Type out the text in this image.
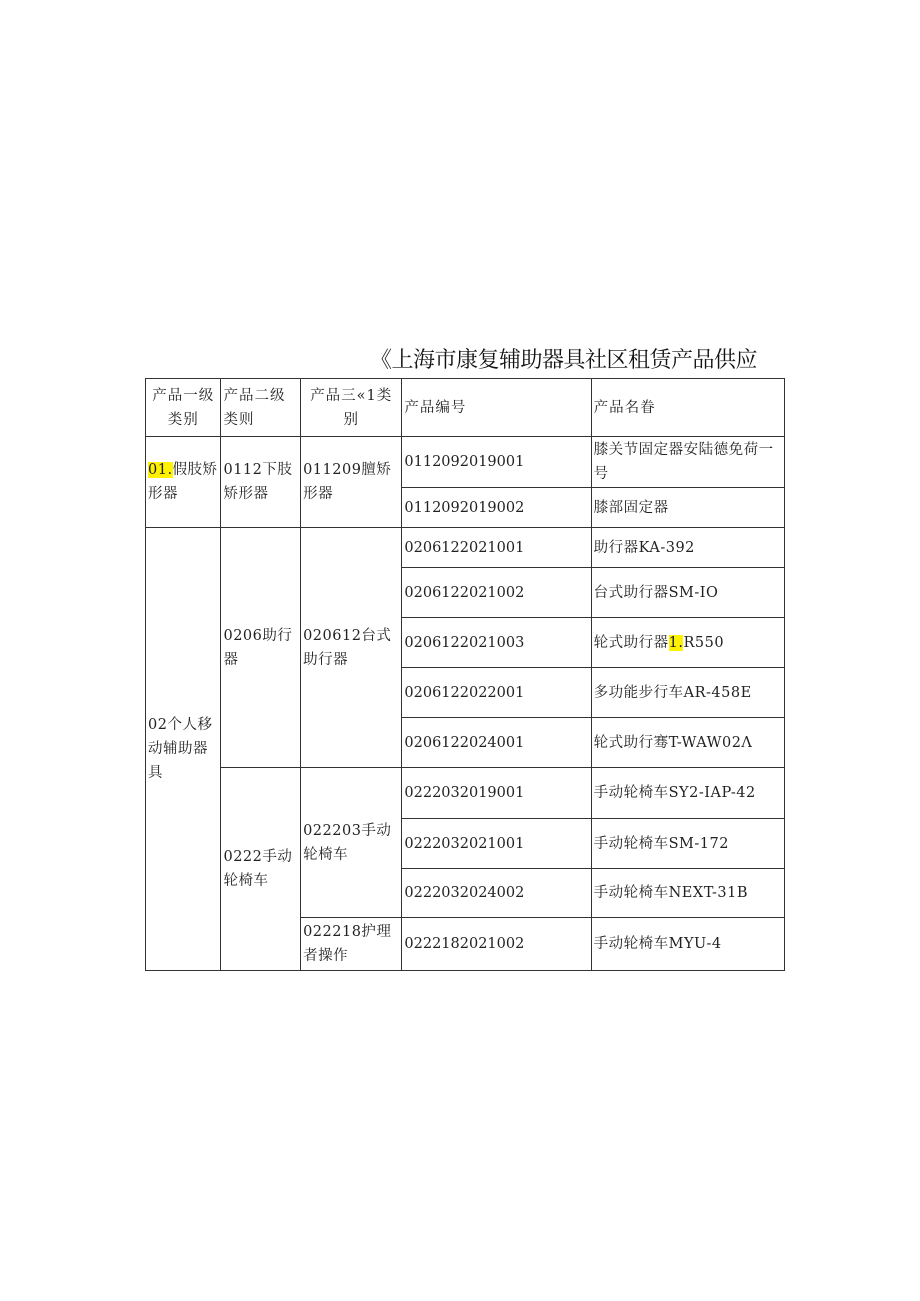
《上海市康复辅助器具社区租赁产品供应
产品一级类别	产品二级类则	产品三«1类别	产品编号	产品名眷
01.假肢矫形器	0112下肢矫形器	011209膻矫形器	0112092019001	膝关节固定器安陆德免荷一号
			0112092019002	膝部固定器
02个人移动辅助器具	0206助行器	020612台式助行器	0206122021001	助行器KA-392
			0206122021002	台式助行器SM-IO
			0206122021003	轮式助行器1.R550
			0206122022001	多功能步行车AR-458E
			0206122024001	轮式助行骞T-WAW02Λ
	0222手动轮椅车	022203手动轮椅车	0222032019001	手动轮椅车SY2-IAP-42
			0222032021001	手动轮椅车SM-172
			0222032024002	手动轮椅车NEXT-31B
		022218护理者操作	0222182021002	手动轮椅车MYU-4
